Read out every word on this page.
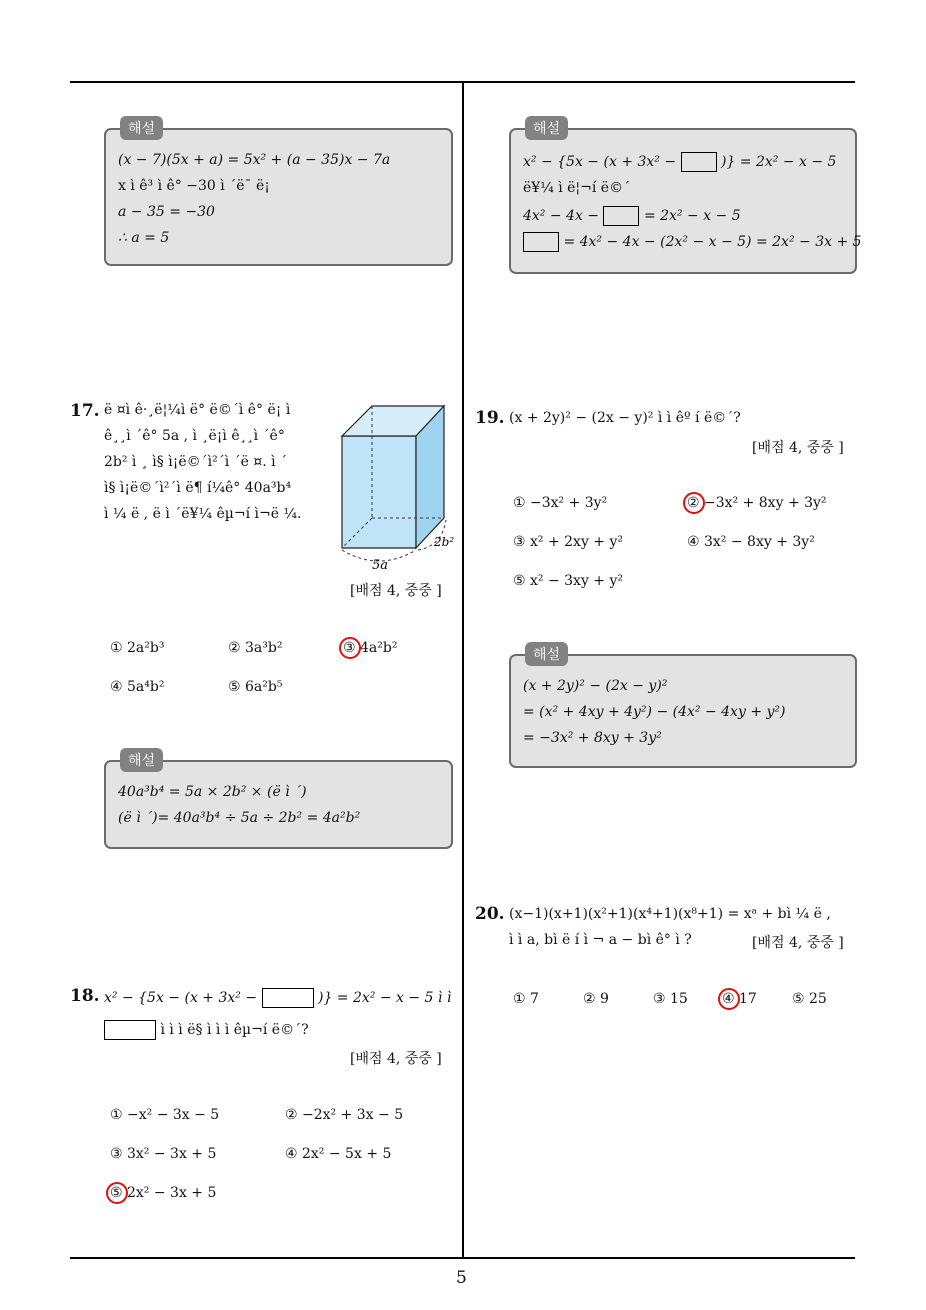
5
해설
(x − 7)(5x + a) = 5x² + (a − 35)x − 7a
x ì ê³ ì ê° −30 ì ´ë¯ ë¡
a − 35 = −30
∴ a = 5
해설
x² − {5x − (x + 3x² −	)} = 2x² − x − 5
ë¥¼ ì ë¦¬í ë©´
4x² − 4x −	= 2x² − x − 5
= 4x² − 4x − (2x² − x − 5) = 2x² − 3x + 5
17. ë ¤ì ê·¸ë¦¼ì ë° ë©´ì ê° ë¡ ì
ê¸¸ì ´ê° 5a , ì ¸ë¡ì ê¸¸ì ´ê°
2b² ì ¸ ì§ ì¡ë©´ì²´ì ´ë ¤. ì ´
ì§ ì¡ë©´ì²´ì ë¶ í¼ê° 40a³b⁴
ì ¼ ë , ë ì ´ë¥¼ êµ¬í ì¬ë ¼.
5a
2b²
[배점 4, 중중 ]
① 2a²b³	② 3a³b²	③ 4a²b²
④ 5a⁴b²	⑤ 6a²b⁵
해설
40a³b⁴ = 5a × 2b² × (ë ì ´)
(ë ì ´)= 40a³b⁴ ÷ 5a ÷ 2b² = 4a²b²
18. x² − {5x − (x + 3x² −	)} = 2x² − x − 5 ì ì
ì ì ì ë§ ì ì ì êµ¬í ë©´?
[배점 4, 중중 ]
① −x² − 3x − 5	② −2x² + 3x − 5
③ 3x² − 3x + 5	④ 2x² − 5x + 5
⑤ 2x² − 3x + 5
19. (x + 2y)² − (2x − y)² ì ì êº í ë©´?
[배점 4, 중중 ]
① −3x² + 3y²	② −3x² + 8xy + 3y²
③ x² + 2xy + y²	④ 3x² − 8xy + 3y²
⑤ x² − 3xy + y²
해설
(x + 2y)² − (2x − y)²
= (x² + 4xy + 4y²) − (4x² − 4xy + y²)
= −3x² + 8xy + 3y²
20. (x−1)(x+1)(x²+1)(x⁴+1)(x⁸+1) = xᵃ + bì ¼ ë ,
ì ì a, bì ë í ì ¬ a − bì ê° ì ?	[배점 4, 중중 ]
① 7	② 9	③ 15 ④ 17	⑤ 25
